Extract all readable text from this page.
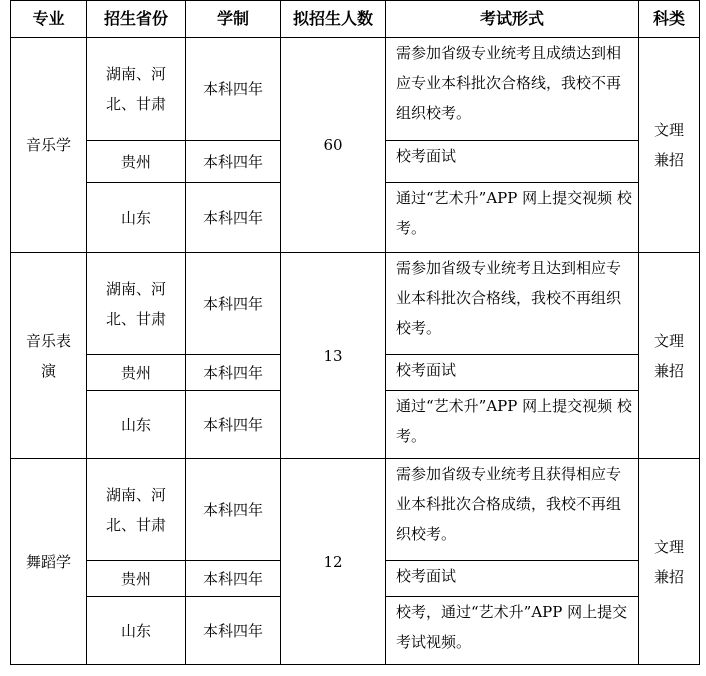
专业	招生省份	学制	拟招生人数	考试形式	科类
音乐学	湖南、河北、甘肃	本科四年	60	需参加省级专业统考且成绩达到相应专业本科批次合格线，我校不再组织校考。	文理兼招
	贵州	本科四年		校考面试	
	山东	本科四年		通过“艺术升”APP 网上提交视频 校考。	
音乐表演	湖南、河北、甘肃	本科四年	13	需参加省级专业统考且达到相应专业本科批次合格线，我校不再组织校考。	文理兼招
	贵州	本科四年		校考面试	
	山东	本科四年		通过“艺术升”APP 网上提交视频 校考。	
舞蹈学	湖南、河北、甘肃	本科四年	12	需参加省级专业统考且获得相应专业本科批次合格成绩，我校不再组织校考。	文理兼招
	贵州	本科四年		校考面试	
	山东	本科四年		校考，通过“艺术升”APP 网上提交考试视频。	
